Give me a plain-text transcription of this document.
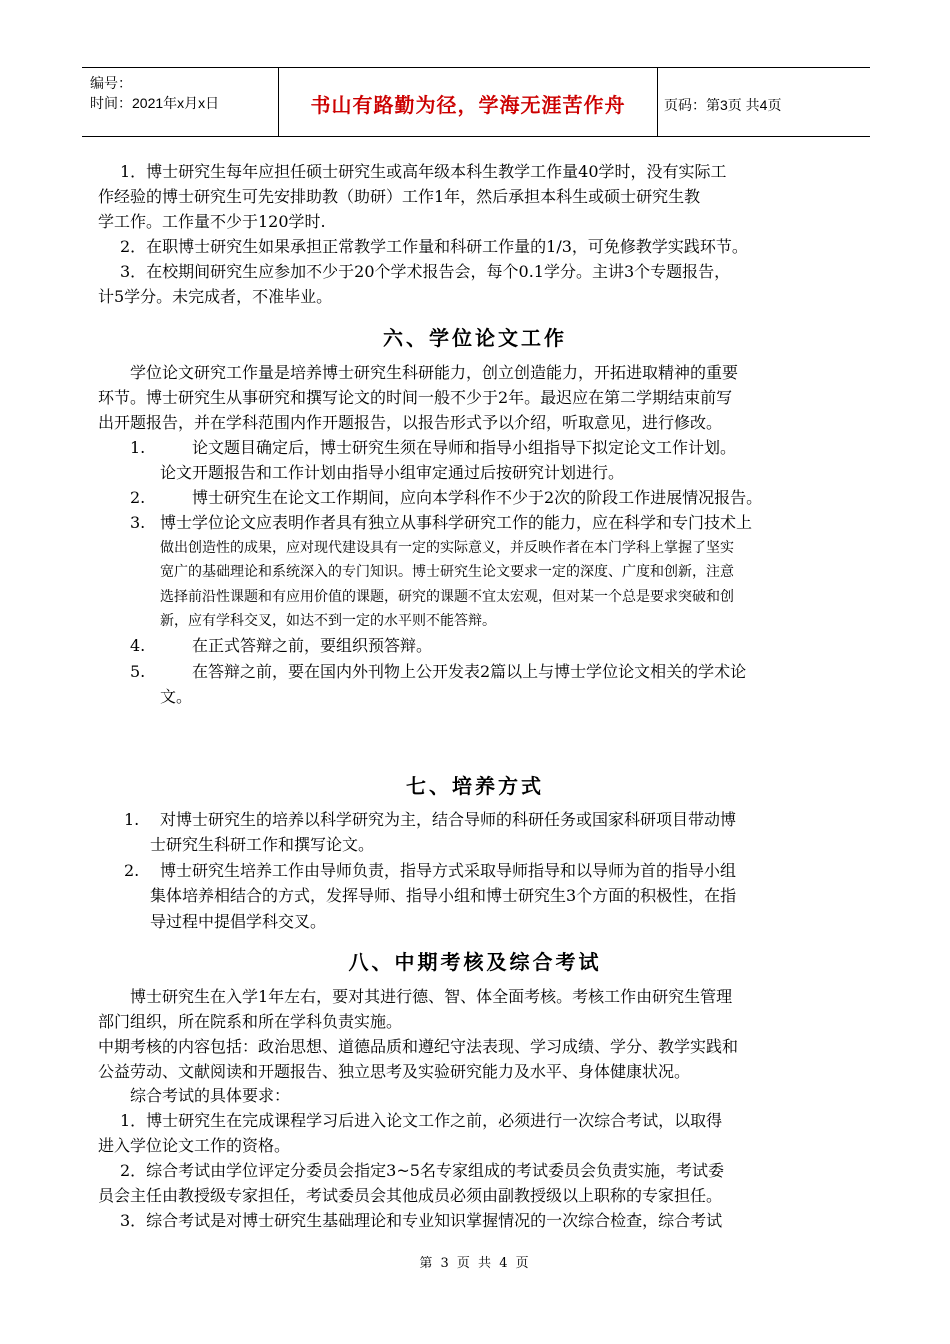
编号：
时间：2021年x月x日	书山有路勤为径，学海无涯苦作舟	页码：第3页 共4页
1．博士研究生每年应担任硕士研究生或高年级本科生教学工作量40学时，没有实际工
作经验的博士研究生可先安排助教（助研）工作1年，然后承担本科生或硕士研究生教
学工作。工作量不少于120学时.
2．在职博士研究生如果承担正常教学工作量和科研工作量的1/3，可免修教学实践环节。
3．在校期间研究生应参加不少于20个学术报告会，每个0.1学分。主讲3个专题报告，
计5学分。未完成者，不准毕业。
六、学位论文工作
学位论文研究工作量是培养博士研究生科研能力，创立创造能力，开拓进取精神的重要
环节。博士研究生从事研究和撰写论文的时间一般不少于2年。最迟应在第二学期结束前写
出开题报告，并在学科范围内作开题报告，以报告形式予以介绍，听取意见，进行修改。
1.	论文题目确定后，博士研究生须在导师和指导小组指导下拟定论文工作计划。
论文开题报告和工作计划由指导小组审定通过后按研究计划进行。
2.	博士研究生在论文工作期间，应向本学科作不少于2次的阶段工作进展情况报告。
3. 博士学位论文应表明作者具有独立从事科学研究工作的能力，应在科学和专门技术上
做出创造性的成果，应对现代建设具有一定的实际意义，并反映作者在本门学科上掌握了坚实
宽广的基础理论和系统深入的专门知识。博士研究生论文要求一定的深度、广度和创新，注意
选择前沿性课题和有应用价值的课题，研究的课题不宜太宏观，但对某一个总是要求突破和创
新，应有学科交叉，如达不到一定的水平则不能答辩。
4.	在正式答辩之前，要组织预答辩。
5.	在答辩之前，要在国内外刊物上公开发表2篇以上与博士学位论文相关的学术论
文。
七、培养方式
1. 对博士研究生的培养以科学研究为主，结合导师的科研任务或国家科研项目带动博
士研究生科研工作和撰写论文。
2. 博士研究生培养工作由导师负责，指导方式采取导师指导和以导师为首的指导小组
集体培养相结合的方式，发挥导师、指导小组和博士研究生3个方面的积极性，在指
导过程中提倡学科交叉。
八、中期考核及综合考试
博士研究生在入学1年左右，要对其进行德、智、体全面考核。考核工作由研究生管理
部门组织，所在院系和所在学科负责实施。
中期考核的内容包括：政治思想、道德品质和遵纪守法表现、学习成绩、学分、教学实践和
公益劳动、文献阅读和开题报告、独立思考及实验研究能力及水平、身体健康状况。
综合考试的具体要求：
1．博士研究生在完成课程学习后进入论文工作之前，必须进行一次综合考试，以取得
进入学位论文工作的资格。
2．综合考试由学位评定分委员会指定3~5名专家组成的考试委员会负责实施，考试委
员会主任由教授级专家担任，考试委员会其他成员必须由副教授级以上职称的专家担任。
3．综合考试是对博士研究生基础理论和专业知识掌握情况的一次综合检查，综合考试
第 3 页 共 4 页
